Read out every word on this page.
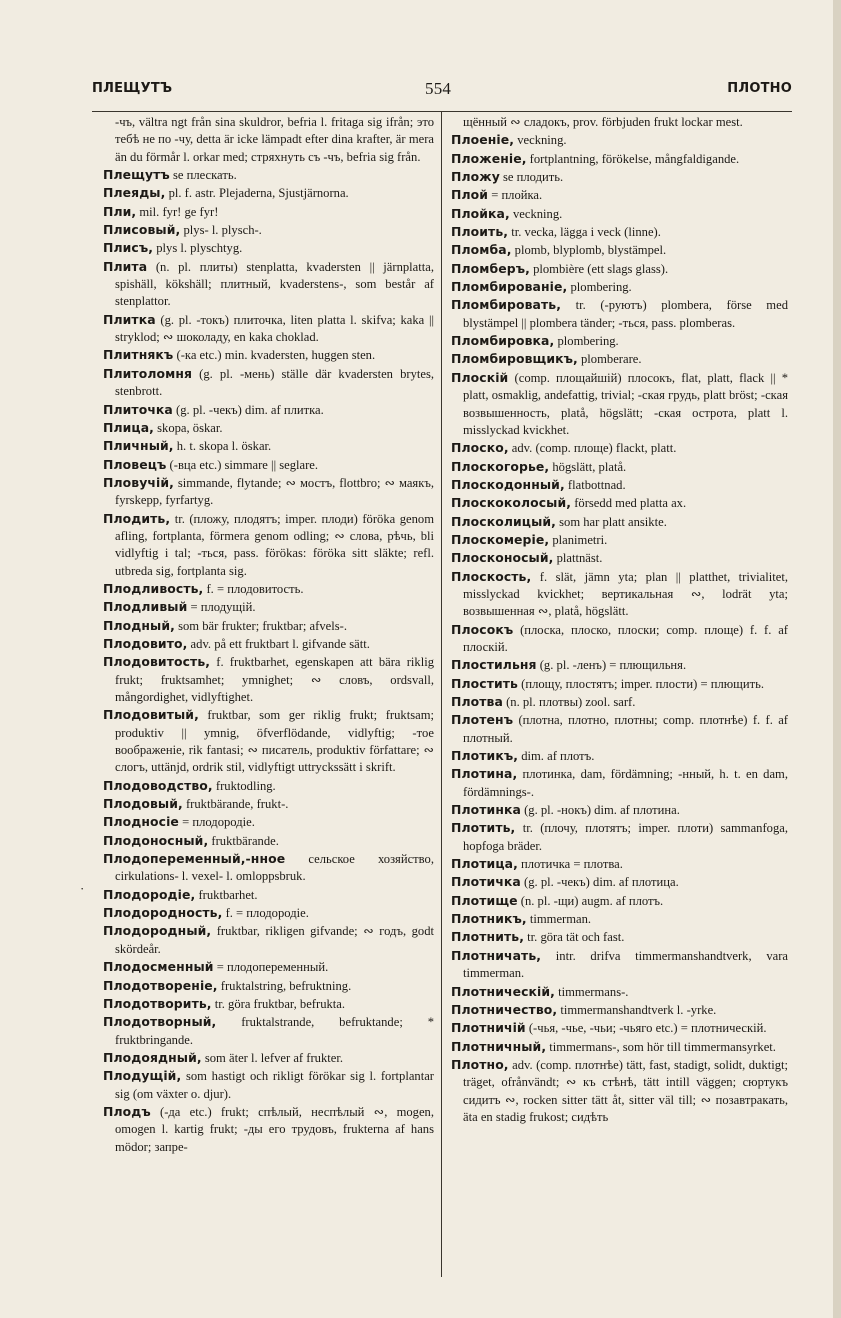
ПЛЕЩУТЪ	554	ПЛОТНО
·

-чъ, vältra ngt från sina skuldror, befria l. fritaga sig ifrån; это тебѣ не по -чу, detta är icke lämpadt efter dina krafter, är mera än du förmår l. orkar med; стряхнуть съ -чъ, befria sig från.

Плещутъ se плескать.

Плеяды, pl. f. astr. Plejaderna, Sjustjärnorna.

Пли, mil. fyr! ge fyr!

Плисовый, plys- l. plysch-.

Плисъ, plys l. plyschtyg.

Плита (n. pl. плиты) stenplatta, kvadersten || järnplatta, spishäll, kökshäll; плитный, kvaderstens-, som består af stenplattor.

Плитка (g. pl. -токъ) плиточка, liten platta l. skifva; kaka || stryklod; ∾ шоколаду, en kaka choklad.

Плитнякъ (-ка etc.) min. kvadersten, huggen sten.

Плитоломня (g. pl. -мень) ställe där kvadersten brytes, stenbrott.

Плиточка (g. pl. -чекъ) dim. af плитка.

Плица, skopa, öskar.

Пличный, h. t. skopa l. öskar.

Пловецъ (-вца etc.) simmare || seglare.

Пловучій, simmande, flytande; ∾ мостъ, flottbro; ∾ маякъ, fyrskepp, fyrfartyg.

Плодить, tr. (пложу, плодятъ; imper. плоди) föröka genom afling, fortplanta, förmera genom odling; ∾ слова, рѣчь, bli vidlyftig i tal; -ться, pass. förökas: föröka sitt släkte; refl. utbreda sig, fortplanta sig.

Плодливость, f. = плодовитость.

Плодливый = плодущій.

Плодный, som bär frukter; fruktbar; afvels-.

Плодовито, adv. på ett fruktbart l. gifvande sätt.

Плодовитость, f. fruktbarhet, egenskapen att bära riklig frukt; fruktsamhet; ymnighet; ∾ словъ, ordsvall, mångordighet, vidlyftighet.

Плодовитый, fruktbar, som ger riklig frukt; fruktsam; produktiv || ymnig, öfverflödande, vidlyftig; -тое воображеніе, rik fantasi; ∾ писатель, produktiv författare; ∾ слогъ, uttänjd, ordrik stil, vidlyftigt uttryckssätt i skrift.

Плодоводство, fruktodling.

Плодовый, fruktbärande, frukt-.

Плодносіе = плодородіе.

Плодоносный, fruktbärande.

Плодопеременный,-нное сельское хозяйство, cirkulations- l. vexel- l. omloppsbruk.

Плодородіе, fruktbarhet.

Плодородность, f. = плодородіе.

Плодородный, fruktbar, rikligen gifvande; ∾ годъ, godt skördeår.

Плодосменный = плодопеременный.

Плодотвореніе, fruktalstring, befruktning.

Плодотворить, tr. göra fruktbar, befrukta.

Плодотворный, fruktalstrande, befruktande; * fruktbringande.

Плодоядный, som äter l. lefver af frukter.

Плодущій, som hastigt och rikligt förökar sig l. fortplantar sig (om växter o. djur).

Плодъ (-да etc.) frukt; спѣлый, неспѣлый ∾, mogen, omogen l. kartig frukt; -ды его трудовъ, frukterna af hans mödor; запре-

щённый ∾ сладокъ, prov. förbjuden frukt lockar mest.

Плоеніе, veckning.

Пложеніе, fortplantning, förökelse, mångfaldigande.

Пложу se плодить.

Плой = плойка.

Плойка, veckning.

Плоить, tr. vecka, lägga i veck (linne).

Пломба, plomb, blyplomb, blystämpel.

Пломберъ, plombière (ett slags glass).

Пломбированіе, plombering.

Пломбировать, tr. (-руютъ) plombera, förse med blystämpel || plombera tänder; -ться, pass. plomberas.

Пломбировка, plombering.

Пломбировщикъ, plomberare.

Плоскій (comp. площайшій) плосокъ, flat, platt, flack || * platt, osmaklig, andefattig, trivial; -ская грудь, platt bröst; -ская возвышенность, platå, högslätt; -ская острота, platt l. misslyckad kvickhet.

Плоско, adv. (comp. площе) flackt, platt.

Плоскогорье, högslätt, platå.

Плоскодонный, flatbottnad.

Плоскоколосый, försedd med platta ax.

Плосколицый, som har platt ansikte.

Плоскомеріе, planimetri.

Плосконосый, plattnäst.

Плоскость, f. slät, jämn yta; plan || platthet, trivialitet, misslyckad kvickhet; вертикальная ∾, lodrät yta; возвышенная ∾, platå, högslätt.

Плосокъ (плоска, плоско, плоски; comp. площе) f. f. af плоскій.

Плостильня (g. pl. -ленъ) = плющильня.

Плостить (площу, плостятъ; imper. плости) = плющить.

Плотва (n. pl. плотвы) zool. sarf.

Плотенъ (плотна, плотно, плотны; comp. плотнѣе) f. f. af плотный.

Плотикъ, dim. af плотъ.

Плотина, плотинка, dam, fördämning; -нный, h. t. en dam, fördämnings-.

Плотинка (g. pl. -нокъ) dim. af плотина.

Плотить, tr. (плочу, плотятъ; imper. плоти) sammanfoga, hopfoga bräder.

Плотица, плотичка = плотва.

Плотичка (g. pl. -чекъ) dim. af плотица.

Плотище (n. pl. -щи) augm. af плотъ.

Плотникъ, timmerman.

Плотнить, tr. göra tät och fast.

Плотничать, intr. drifva timmermanshandtverk, vara timmerman.

Плотническій, timmermans-.

Плотничество, timmermanshandtverk l. -yrke.

Плотничій (-чья, -чье, -чьи; -чьяго etc.) = плотническій.

Плотничный, timmermans-, som hör till timmermansyrket.

Плотно, adv. (comp. плотнѣе) tätt, fast, stadigt, solidt, duktigt; träget, ofrånvändt; ∾ къ стѣнѣ, tätt intill väggen; сюртукъ сидитъ ∾, rocken sitter tätt åt, sitter väl till; ∾ позавтракать, äta en stadig frukost; сидѣть
